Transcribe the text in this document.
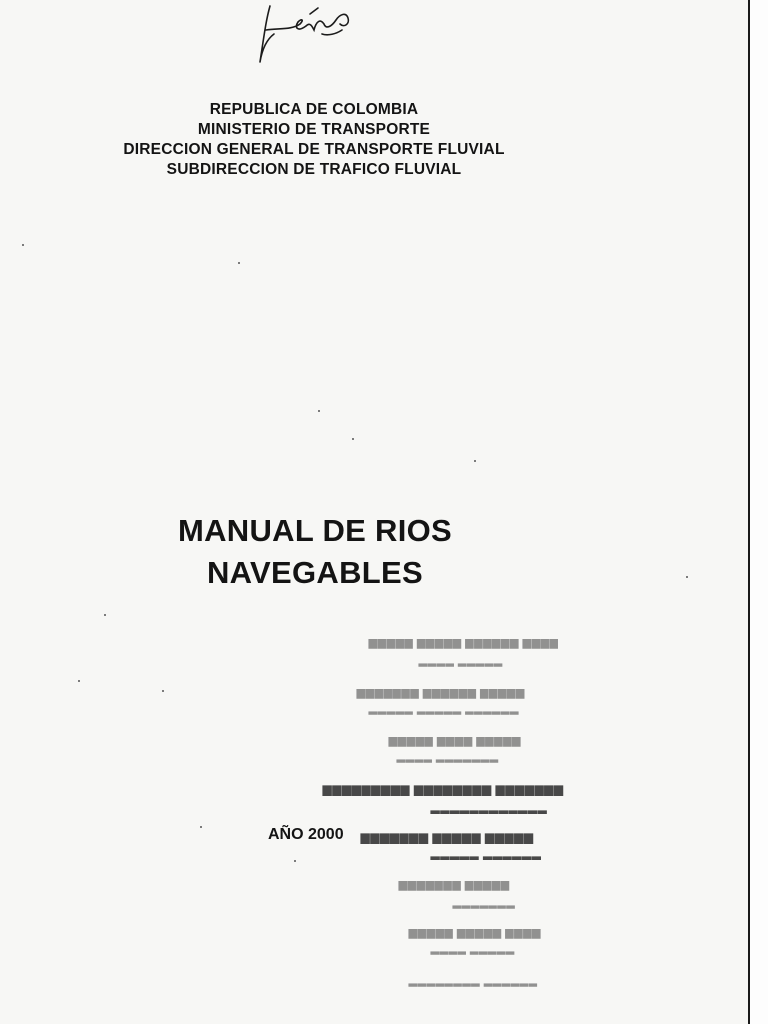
REPUBLICA DE COLOMBIA
MINISTERIO DE TRANSPORTE
DIRECCION GENERAL DE TRANSPORTE FLUVIAL
SUBDIRECCION DE TRAFICO FLUVIAL
MANUAL DE RIOS
NAVEGABLES
AÑO 2000
▆▆▆▆ ▆▆▆▆▆▆ ▆▆▆▆▆ ▆▆▆▆▆
▂▂▂▂▂ ▂▂▂▂
▆▆▆▆▆ ▆▆▆▆▆▆ ▆▆▆▆▆▆▆
▂▂▂▂▂▂ ▂▂▂▂▂ ▂▂▂▂▂
▆▆▆▆▆ ▆▆▆▆ ▆▆▆▆▆
▂▂▂▂▂▂▂ ▂▂▂▂
▆▆▆▆▆▆▆ ▆▆▆▆▆▆▆▆ ▆▆▆▆▆▆▆▆▆
▂▂▂▂▂▂▂▂▂▂▂▂
▆▆▆▆▆ ▆▆▆▆▆ ▆▆▆▆▆▆▆
▂▂▂▂▂▂ ▂▂▂▂▂
▆▆▆▆▆ ▆▆▆▆▆▆▆
▂▂▂▂▂▂▂
▆▆▆▆ ▆▆▆▆▆ ▆▆▆▆▆
▂▂▂▂▂ ▂▂▂▂
▂▂▂▂▂▂ ▂▂▂▂▂▂▂▂
